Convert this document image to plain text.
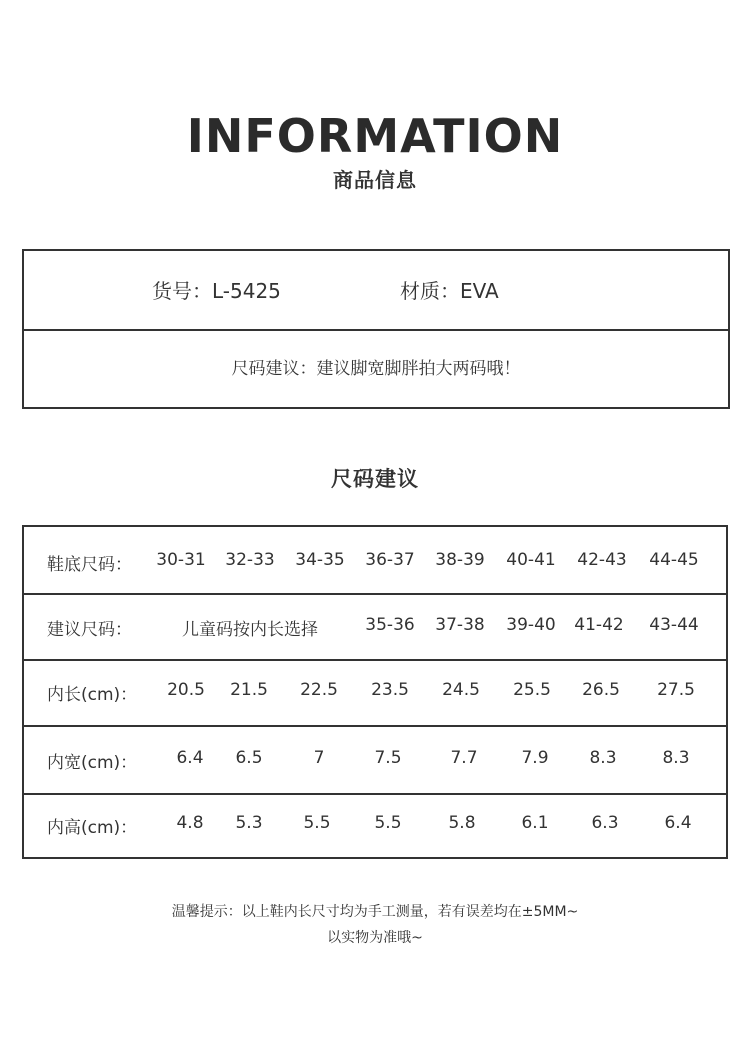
INFORMATION
商品信息
货号：L-5425	材质：EVA
尺码建议：建议脚宽脚胖拍大两码哦！
尺码建议
鞋底尺码： 30-31 32-33 34-35 36-37 38-39 40-41 42-43 44-45
建议尺码：	儿童码按内长选择	35-36 37-38 39-40 41-42 43-44
内长(cm)： 20.5 21.5 22.5 23.5 24.5 25.5 26.5 27.5
内宽(cm)： 6.4 6.5	7	7.5	7.7	7.9 8.3	8.3
内高(cm)： 4.8 5.3 5.5	5.5	5.8	6.1	6.3	6.4
温馨提示：以上鞋内长尺寸均为手工测量，若有误差均在±5MM~
以实物为准哦~
